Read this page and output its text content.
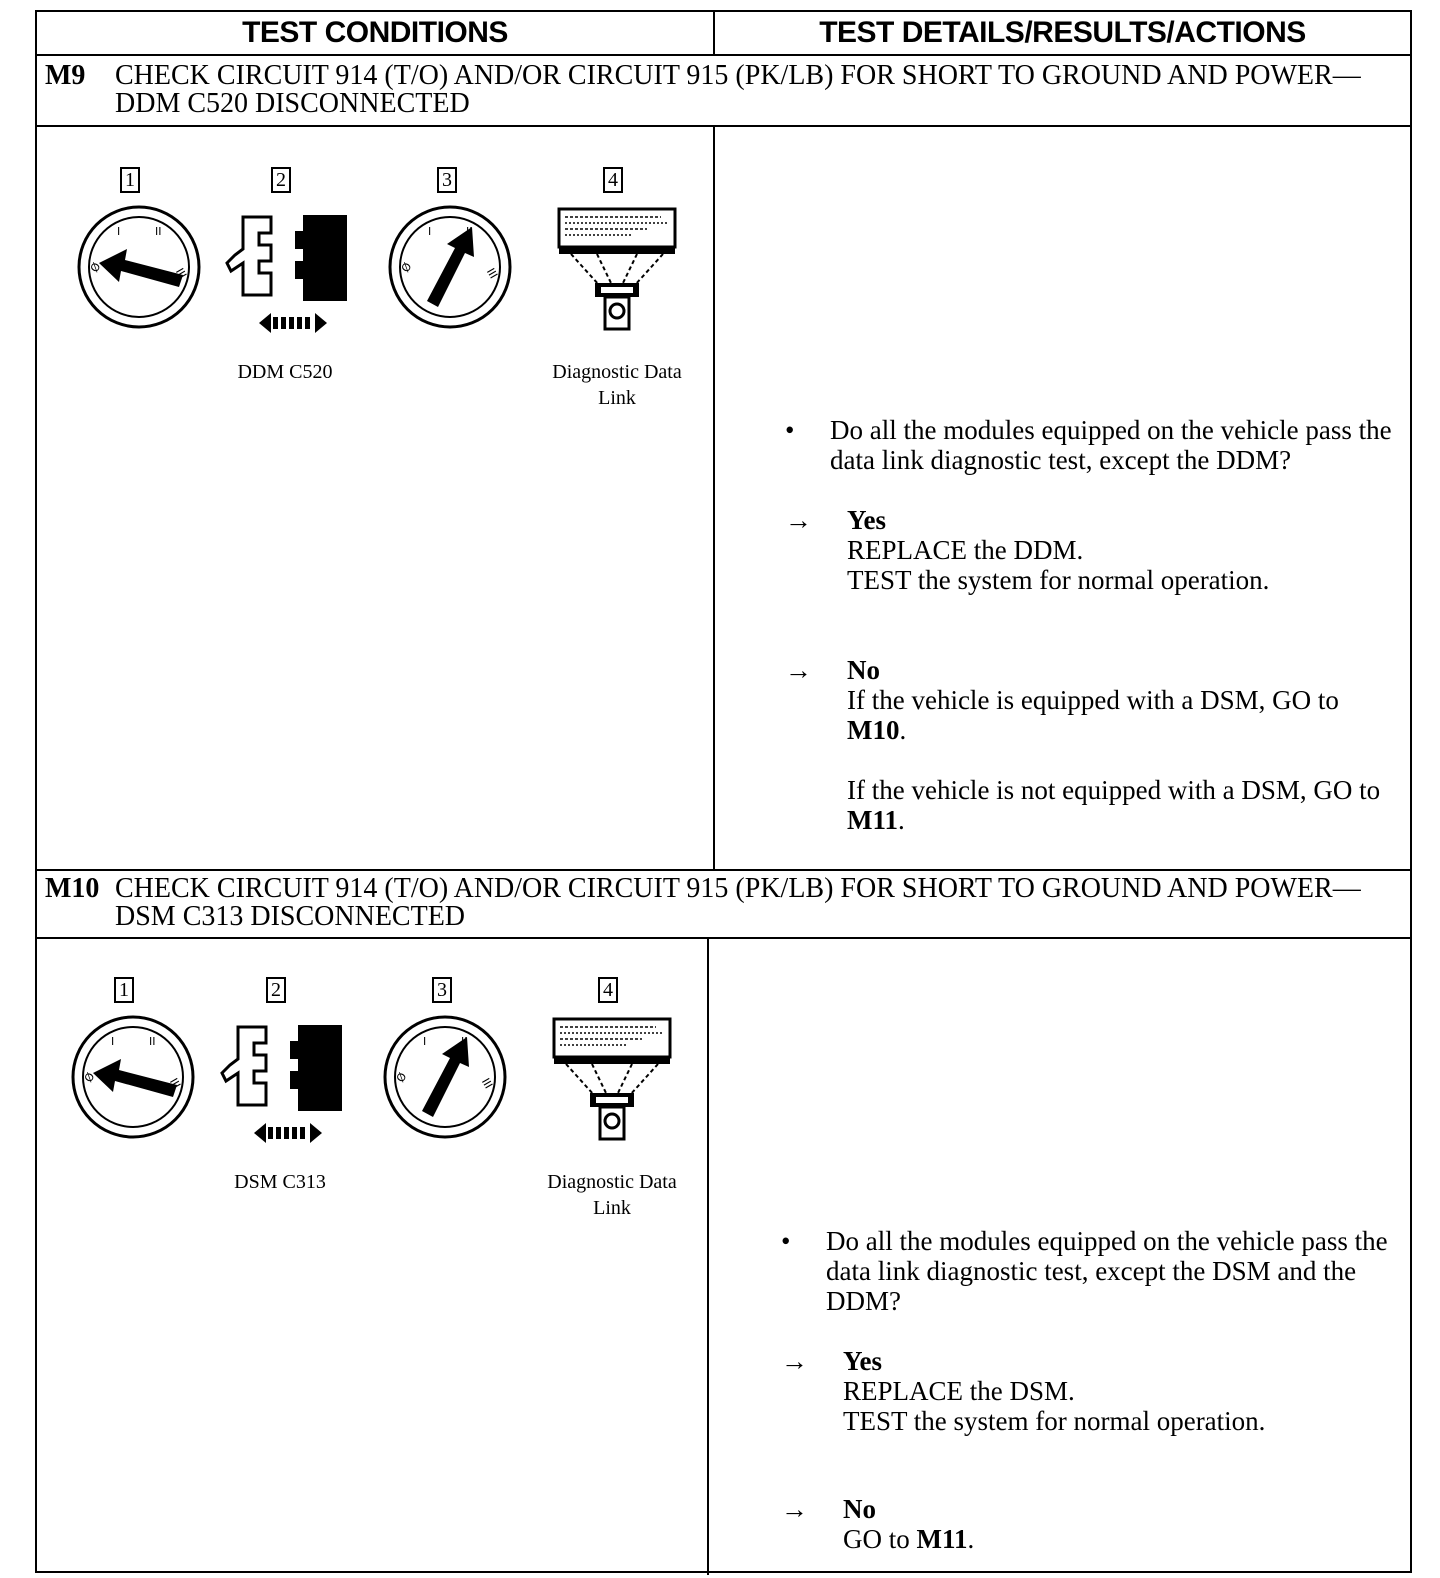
TEST CONDITIONS	TEST DETAILS/RESULTS/ACTIONS
M9	CHECK CIRCUIT 914 (T/O) AND/OR CIRCUIT 915 (PK/LB) FOR SHORT TO GROUND AND POWER—DDM C520 DISCONNECTED
1	2
DDM C520
3	4
Diagnostic Data Link
•	Do all the modules equipped on the vehicle pass the data link diagnostic test, except the DDM?
→	Yes
REPLACE the DDM.
TEST the system for normal operation.
→	No
If the vehicle is equipped with a DSM, GO to M10.
If the vehicle is not equipped with a DSM, GO to M11.
M10 CHECK CIRCUIT 914 (T/O) AND/OR CIRCUIT 915 (PK/LB) FOR SHORT TO GROUND AND POWER—DSM C313 DISCONNECTED
1	2
DSM C313
3	4
Diagnostic Data Link
•	Do all the modules equipped on the vehicle pass the data link diagnostic test, except the DSM and the DDM?
→	Yes
REPLACE the DSM.
TEST the system for normal operation.
→	No
GO to M11.
